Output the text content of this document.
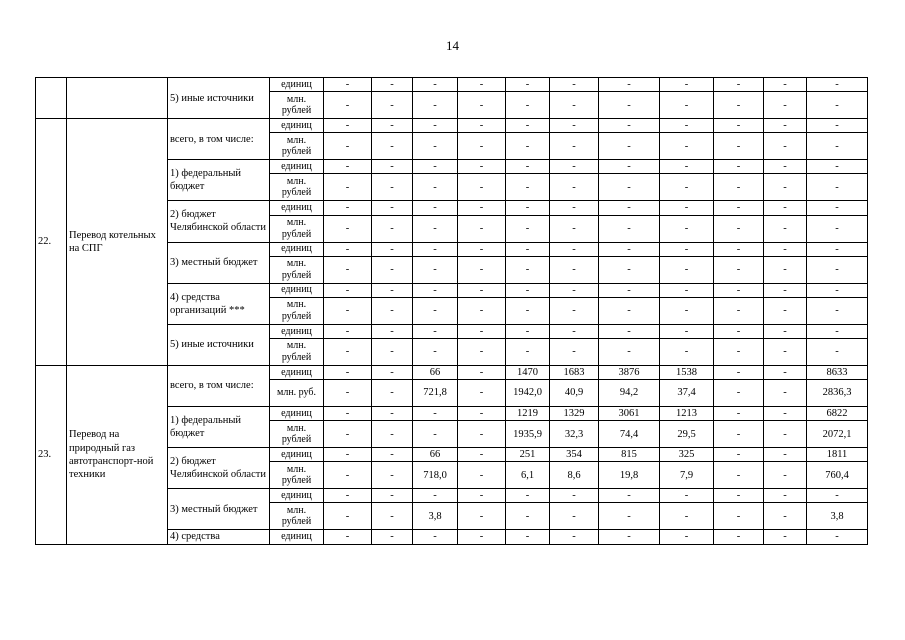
14
		5) иные источники	единиц	-	-	-	-	-	-	-	-	-	-	-
			млн. рублей	-	-	-	-	-	-	-	-	-	-	-
22.	Перевод котельных на СПГ	всего, в том числе:	единиц	-	-	-	-	-	-	-	-	-	-	-
			млн. рублей	-	-	-	-	-	-	-	-	-	-	-
		1) федеральный бюджет	единиц	-	-	-	-	-	-	-	-	-	-	-
			млн. рублей	-	-	-	-	-	-	-	-	-	-	-
		2) бюджет Челябинской области	единиц	-	-	-	-	-	-	-	-	-	-	-
			млн. рублей	-	-	-	-	-	-	-	-	-	-	-
		3) местный бюджет	единиц	-	-	-	-	-	-	-	-	-	-	-
			млн. рублей	-	-	-	-	-	-	-	-	-	-	-
		4) средства организаций ***	единиц	-	-	-	-	-	-	-	-	-	-	-
			млн. рублей	-	-	-	-	-	-	-	-	-	-	-
		5) иные источники	единиц	-	-	-	-	-	-	-	-	-	-	-
			млн. рублей	-	-	-	-	-	-	-	-	-	-	-
23.	Перевод на природный газ автотранспорт-ной техники	всего, в том числе:	единиц	-	-	66	-	1470	1683	3876	1538	-	-	8633
			млн. руб.	-	-	721,8	-	1942,0	40,9	94,2	37,4	-	-	2836,3
		1) федеральный бюджет	единиц	-	-	-	-	1219	1329	3061	1213	-	-	6822
			млн. рублей	-	-	-	-	1935,9	32,3	74,4	29,5	-	-	2072,1
		2) бюджет Челябинской области	единиц	-	-	66	-	251	354	815	325	-	-	1811
			млн. рублей	-	-	718,0	-	6,1	8,6	19,8	7,9	-	-	760,4
		3) местный бюджет	единиц	-	-	-	-	-	-	-	-	-	-	-
			млн. рублей	-	-	3,8	-	-	-	-	-	-	-	3,8
		4) средства	единиц	-	-	-	-	-	-	-	-	-	-	-
